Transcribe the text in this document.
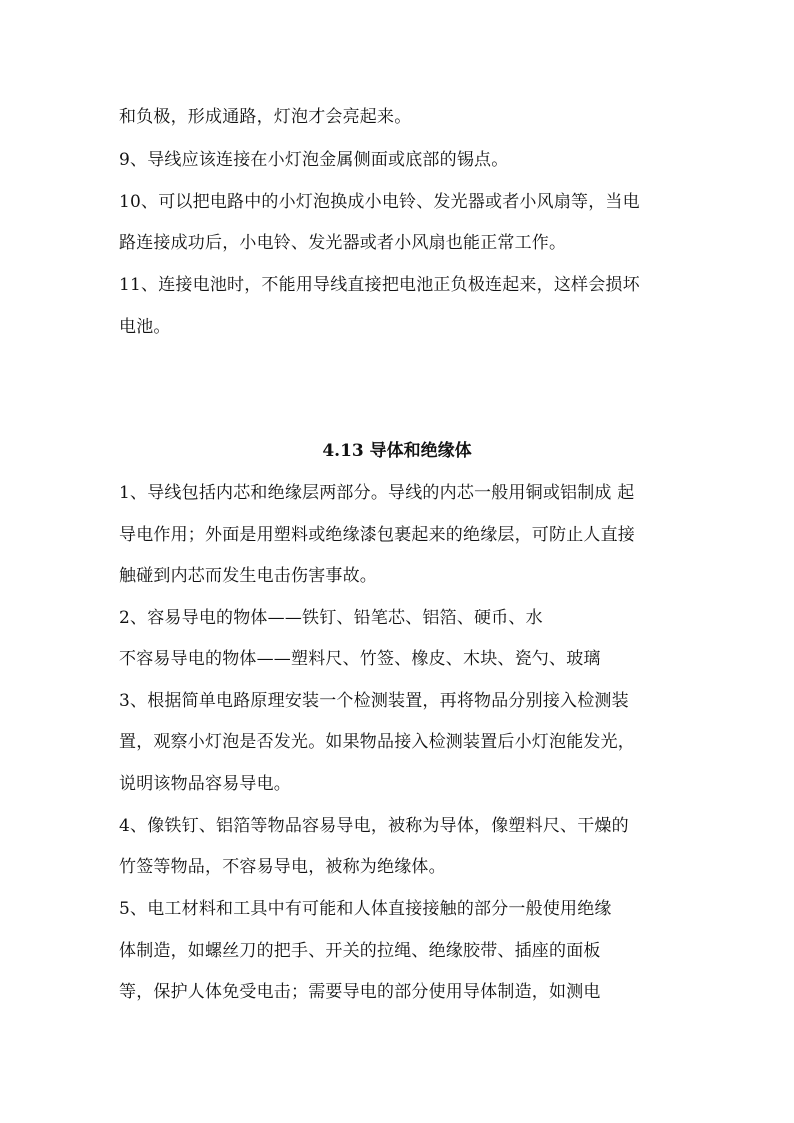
和负极，形成通路，灯泡才会亮起来。
9、导线应该连接在小灯泡金属侧面或底部的锡点。
10、可以把电路中的小灯泡换成小电铃、发光器或者小风扇等，当电
路连接成功后，小电铃、发光器或者小风扇也能正常工作。
11、连接电池时，不能用导线直接把电池正负极连起来，这样会损坏
电池。
4.13 导体和绝缘体
1、导线包括内芯和绝缘层两部分。导线的内芯一般用铜或铝制成 起
导电作用；外面是用塑料或绝缘漆包裹起来的绝缘层，可防止人直接
触碰到内芯而发生电击伤害事故。
2、容易导电的物体——铁钉、铅笔芯、铝箔、硬币、水
不容易导电的物体——塑料尺、竹签、橡皮、木块、瓷勺、玻璃
3、根据简单电路原理安装一个检测装置，再将物品分别接入检测装
置，观察小灯泡是否发光。如果物品接入检测装置后小灯泡能发光，
说明该物品容易导电。
4、像铁钉、铝箔等物品容易导电，被称为导体，像塑料尺、干燥的
竹签等物品，不容易导电，被称为绝缘体。
5、电工材料和工具中有可能和人体直接接触的部分一般使用绝缘
体制造，如螺丝刀的把手、开关的拉绳、绝缘胶带、插座的面板
等，保护人体免受电击；需要导电的部分使用导体制造，如测电
